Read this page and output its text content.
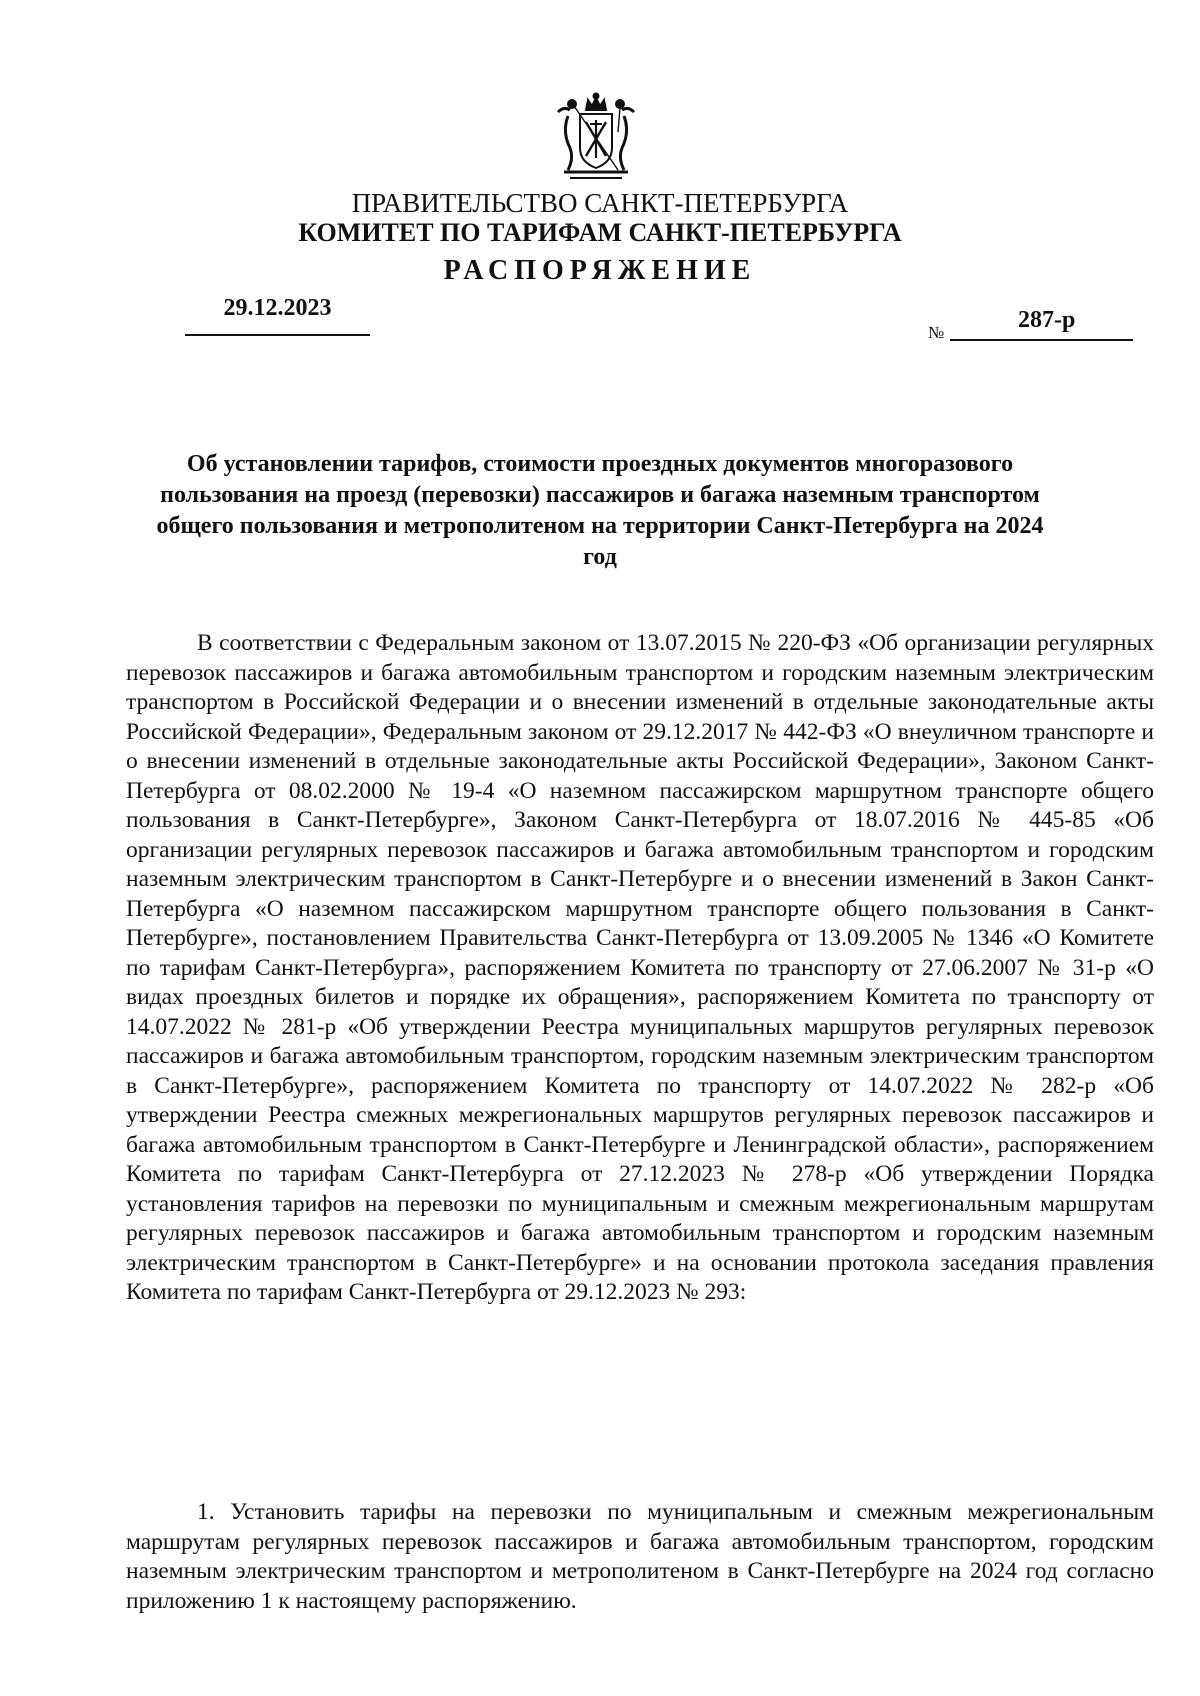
ПРАВИТЕЛЬСТВО САНКТ-ПЕТЕРБУРГА
КОМИТЕТ ПО ТАРИФАМ САНКТ-ПЕТЕРБУРГА
РАСПОРЯЖЕНИЕ
29.12.2023
№	287-р
Об установлении тарифов, стоимости проездных документов многоразового пользования на проезд (перевозки) пассажиров и багажа наземным транспортом общего пользования и метрополитеном на территории Санкт-Петербурга на 2024 год

В соответствии с Федеральным законом от 13.07.2015 № 220-ФЗ «Об организации регулярных перевозок пассажиров и багажа автомобильным транспортом и городским наземным электрическим транспортом в Российской Федерации и о внесении изменений в отдельные законодательные акты Российской Федерации», Федеральным законом от 29.12.2017 № 442-ФЗ «О внеуличном транспорте и о внесении изменений в отдельные законодательные акты Российской Федерации», Законом Санкт-Петербурга от 08.02.2000 № 19-4 «О наземном пассажирском маршрутном транспорте общего пользования в Санкт-Петербурге», Законом Санкт-Петербурга от 18.07.2016 № 445-85 «Об организации регулярных перевозок пассажиров и багажа автомобильным транспортом и городским наземным электрическим транспортом в Санкт-Петербурге и о внесении изменений в Закон Санкт-Петербурга «О наземном пассажирском маршрутном транспорте общего пользования в Санкт-Петербурге», постановлением Правительства Санкт-Петербурга от 13.09.2005 № 1346 «О Комитете по тарифам Санкт-Петербурга», распоряжением Комитета по транспорту от 27.06.2007 № 31-р «О видах проездных билетов и порядке их обращения», распоряжением Комитета по транспорту от 14.07.2022 № 281-р «Об утверждении Реестра муниципальных маршрутов регулярных перевозок пассажиров и багажа автомобильным транспортом, городским наземным электрическим транспортом в Санкт-Петербурге», распоряжением Комитета по транспорту от 14.07.2022 № 282-р «Об утверждении Реестра смежных межрегиональных маршрутов регулярных перевозок пассажиров и багажа автомобильным транспортом в Санкт-Петербурге и Ленинградской области», распоряжением Комитета по тарифам Санкт-Петербурга от 27.12.2023 № 278-р «Об утверждении Порядка установления тарифов на перевозки по муниципальным и смежным межрегиональным маршрутам регулярных перевозок пассажиров и багажа автомобильным транспортом и городским наземным электрическим транспортом в Санкт-Петербурге» и на основании протокола заседания правления Комитета по тарифам Санкт-Петербурга от 29.12.2023 № 293:

1. Установить тарифы на перевозки по муниципальным и смежным межрегиональным маршрутам регулярных перевозок пассажиров и багажа автомобильным транспортом, городским наземным электрическим транспортом и метрополитеном в Санкт-Петербурге на 2024 год согласно приложению 1 к настоящему распоряжению.
